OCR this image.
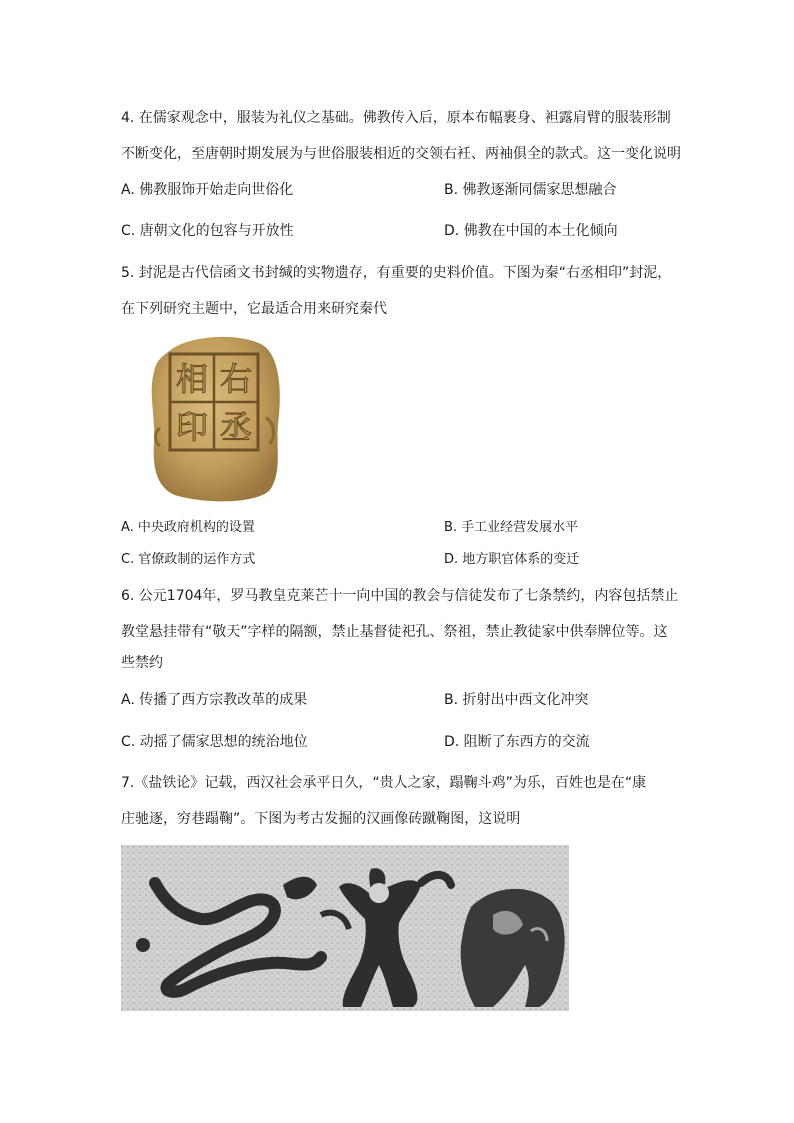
4. 在儒家观念中，服装为礼仪之基础。佛教传入后，原本布幅裹身、袒露肩臂的服装形制
不断变化，至唐朝时期发展为与世俗服装相近的交领右衽、两袖俱全的款式。这一变化说明
A. 佛教服饰开始走向世俗化	B. 佛教逐渐同儒家思想融合
C. 唐朝文化的包容与开放性	D. 佛教在中国的本土化倾向
5. 封泥是古代信函文书封缄的实物遗存，有重要的史料价值。下图为秦“右丞相印”封泥，
在下列研究主题中，它最适合用来研究秦代
右
丞
相
印
A. 中央政府机构的设置	B. 手工业经营发展水平
C. 官僚政制的运作方式	D. 地方职官体系的变迁
6. 公元1704年，罗马教皇克莱芒十一向中国的教会与信徒发布了七条禁约，内容包括禁止
教堂悬挂带有“敬天”字样的隔额，禁止基督徒祀孔、祭祖，禁止教徒家中供奉牌位等。这
些禁约
A. 传播了西方宗教改革的成果	B. 折射出中西文化冲突
C. 动摇了儒家思想的统治地位	D. 阻断了东西方的交流
7.《盐铁论》记载，西汉社会承平日久，“贵人之家，蹋鞠斗鸡”为乐，百姓也是在“康
庄驰逐，穷巷蹋鞠”。下图为考古发掘的汉画像砖蹴鞠图，这说明
